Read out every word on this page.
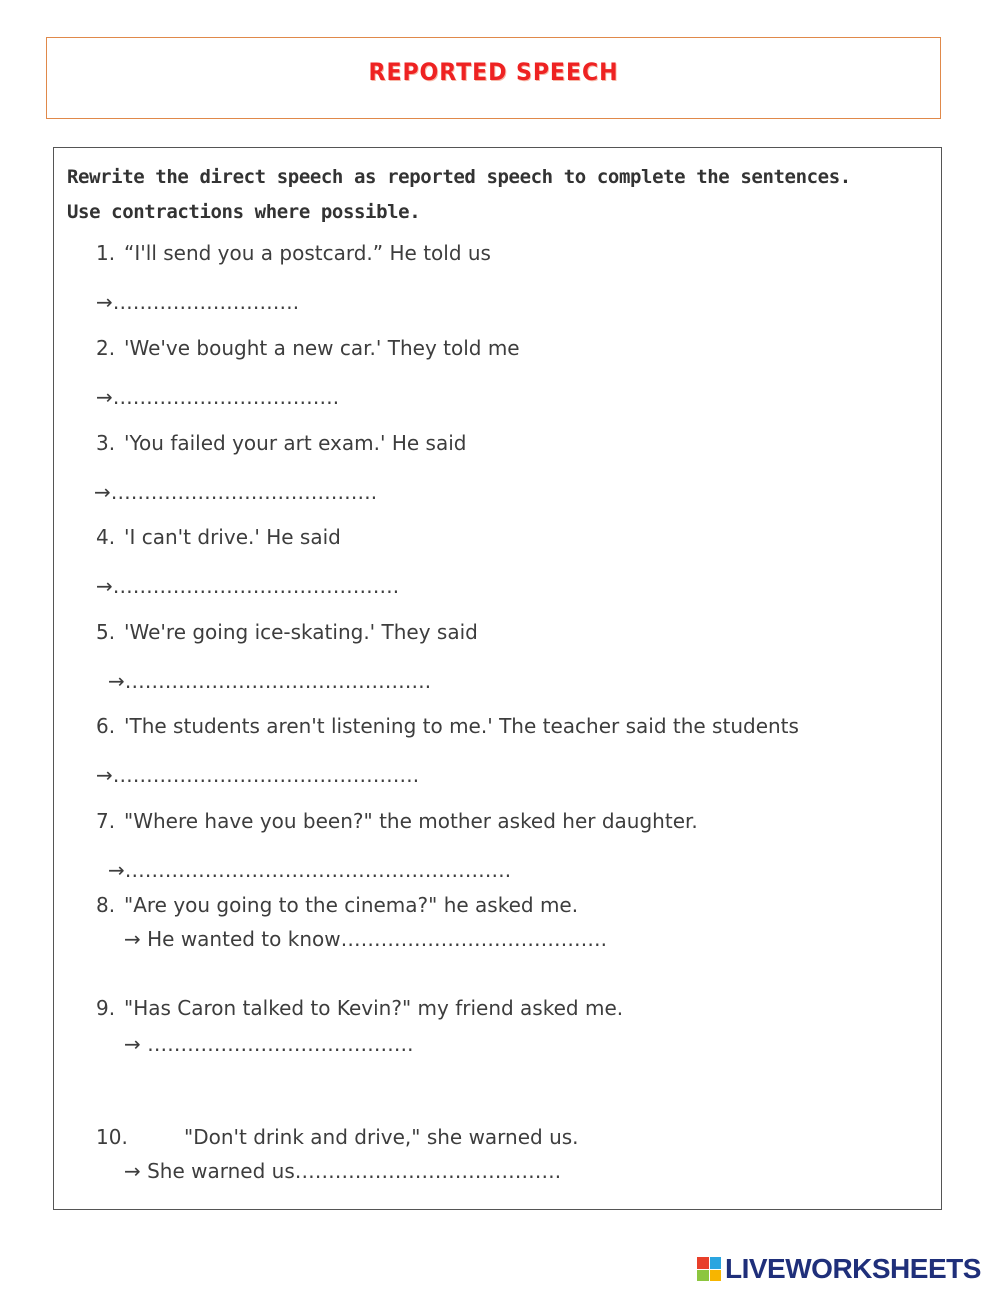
REPORTED SPEECH
Rewrite the direct speech as reported speech to complete the sentences.
Use contractions where possible.
1. “I'll send you a postcard.” He told us
→……………………….
2. 'We've bought a new car.' They told me
→…………………………….
3. 'You failed your art exam.' He said
→………………………………….
4. 'I can't drive.' He said
→…………………………………….
5. 'We're going ice-skating.' They said
→……………………………………….
6. 'The students aren't listening to me.' The teacher said the students
→……………………………………….
7. "Where have you been?" the mother asked her daughter.
→………………………………………………….
8. "Are you going to the cinema?" he asked me.
→ He wanted to know………………………………….
9. "Has Caron talked to Kevin?" my friend asked me.
→ ………………………………….
10.	"Don't drink and drive," she warned us.
→ She warned us………………………………….
LIVEWORKSHEETS
